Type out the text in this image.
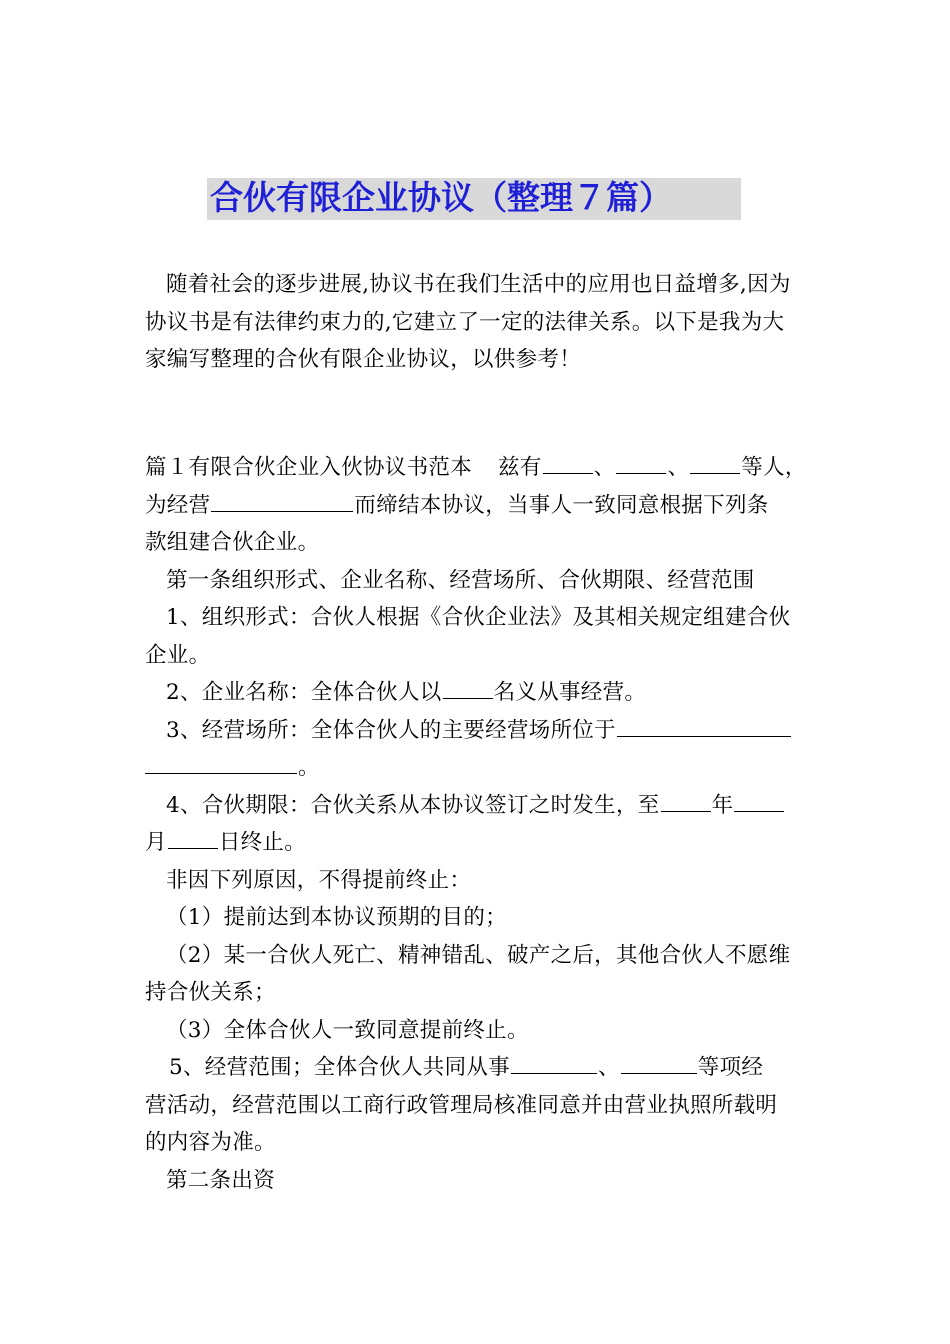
合伙有限企业协议（整理７篇）
随着社会的逐步进展,协议书在我们生活中的应用也日益增多,因为
协议书是有法律约束力的,它建立了一定的法律关系。以下是我为大
家编写整理的合伙有限企业协议，以供参考！
篇１有限合伙企业入伙协议书范本 兹有 、 、 等人，
为经营	而缔结本协议，当事人一致同意根据下列条
款组建合伙企业。
第一条组织形式、企业名称、经营场所、合伙期限、经营范围
1、组织形式：合伙人根据《合伙企业法》及其相关规定组建合伙
企业。
2、企业名称：全体合伙人以 名义从事经营。
3、经营场所：全体合伙人的主要经营场所位于
。
4、合伙期限：合伙关系从本协议签订之时发生，至 年
月 日终止。
非因下列原因，不得提前终止：
（1）提前达到本协议预期的目的；
（2）某一合伙人死亡、精神错乱、破产之后，其他合伙人不愿维
持合伙关系；
（3）全体合伙人一致同意提前终止。
5、经营范围；全体合伙人共同从事	、	等项经
营活动，经营范围以工商行政管理局核准同意并由营业执照所载明
的内容为准。
第二条出资
